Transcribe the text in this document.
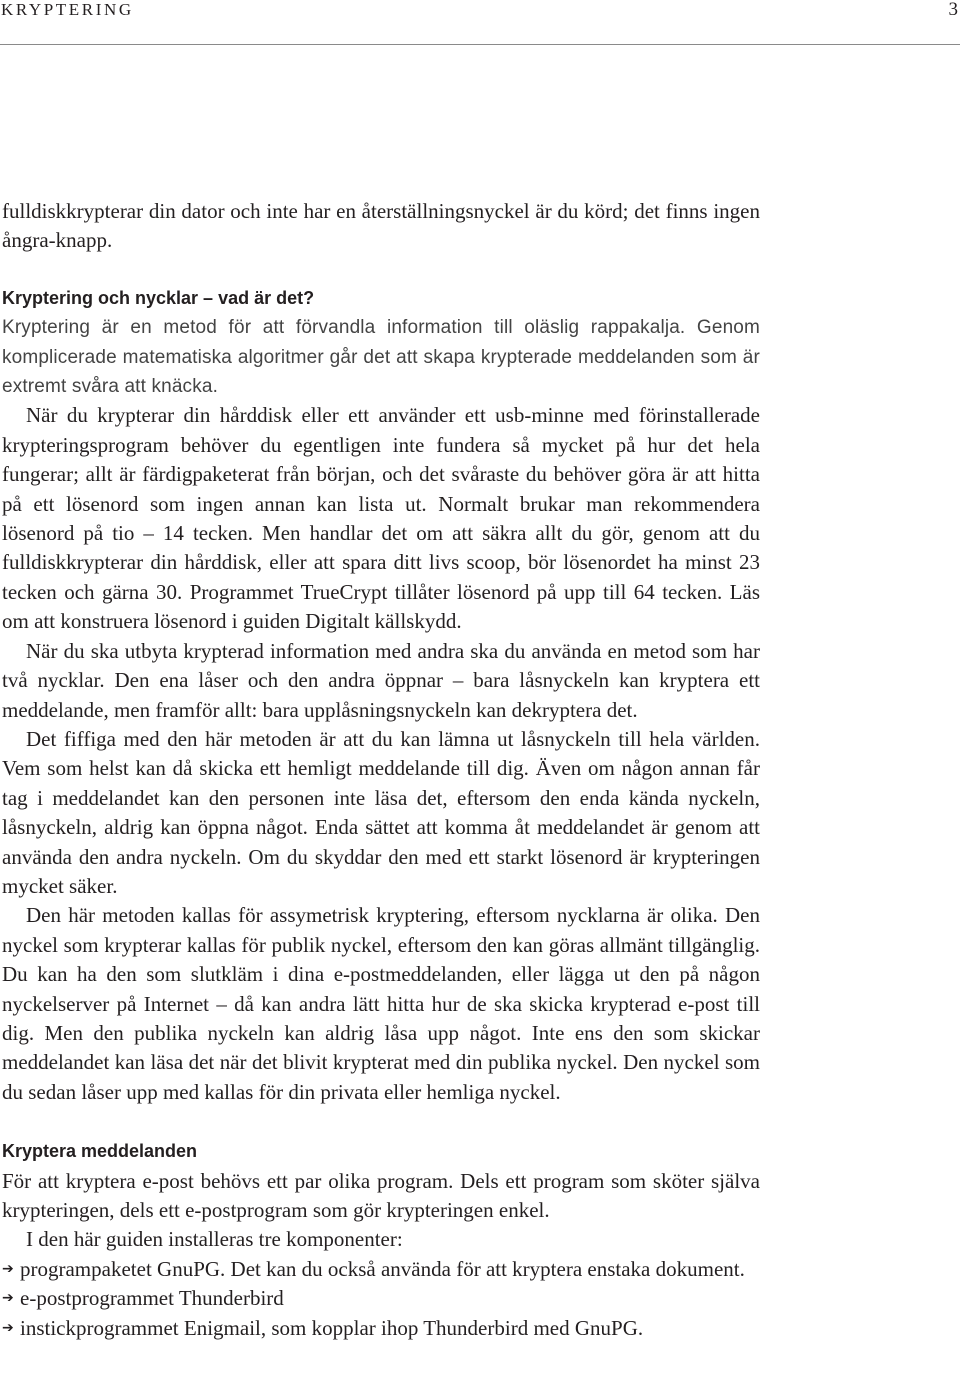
KRYPTERING	3

fulldiskkrypterar din dator och inte har en återställningsnyckel är du körd; det finns ingen ångra-knapp.

Kryptering och nycklar – vad är det?

Kryptering är en metod för att förvandla information till oläslig rappakalja. Genom komplicerade matematiska algoritmer går det att skapa krypterade meddelanden som är extremt svåra att knäcka.

När du krypterar din hårddisk eller ett använder ett usb-minne med förinstallerade krypteringsprogram behöver du egentligen inte fundera så mycket på hur det hela fungerar; allt är färdigpaketerat från början, och det svåraste du behöver göra är att hitta på ett lösenord som ingen annan kan lista ut. Normalt brukar man rekommendera lösenord på tio – 14 tecken. Men handlar det om att säkra allt du gör, genom att du fulldiskkrypterar din hårddisk, eller att spara ditt livs scoop, bör lösenordet ha minst 23 tecken och gärna 30. Programmet TrueCrypt tillåter lösenord på upp till 64 tecken. Läs om att konstruera lösenord i guiden Digitalt källskydd.

När du ska utbyta krypterad information med andra ska du använda en metod som har två nycklar. Den ena låser och den andra öppnar – bara låsnyckeln kan kryptera ett meddelande, men framför allt: bara upplåsningsnyckeln kan dekryptera det.

Det fiffiga med den här metoden är att du kan lämna ut låsnyckeln till hela världen. Vem som helst kan då skicka ett hemligt meddelande till dig. Även om någon annan får tag i meddelandet kan den personen inte läsa det, eftersom den enda kända nyckeln, låsnyckeln, aldrig kan öppna något. Enda sättet att komma åt meddelandet är genom att använda den andra nyckeln. Om du skyddar den med ett starkt lösenord är krypteringen mycket säker.

Den här metoden kallas för assymetrisk kryptering, eftersom nycklarna är olika. Den nyckel som krypterar kallas för publik nyckel, eftersom den kan göras allmänt tillgänglig. Du kan ha den som slutkläm i dina e-postmeddelanden, eller lägga ut den på någon nyckelserver på Internet – då kan andra lätt hitta hur de ska skicka krypterad e-post till dig. Men den publika nyckeln kan aldrig låsa upp något. Inte ens den som skickar meddelandet kan läsa det när det blivit krypterat med din publika nyckel. Den nyckel som du sedan låser upp med kallas för din privata eller hemliga nyckel.

Kryptera meddelanden

För att kryptera e-post behövs ett par olika program. Dels ett program som sköter själva krypteringen, dels ett e-postprogram som gör krypteringen enkel.

I den här guiden installeras tre komponenter:

➔ programpaketet GnuPG. Det kan du också använda för att kryptera enstaka dokument.
➔ e-postprogrammet Thunderbird
➔ instickprogrammet Enigmail, som kopplar ihop Thunderbird med GnuPG.
